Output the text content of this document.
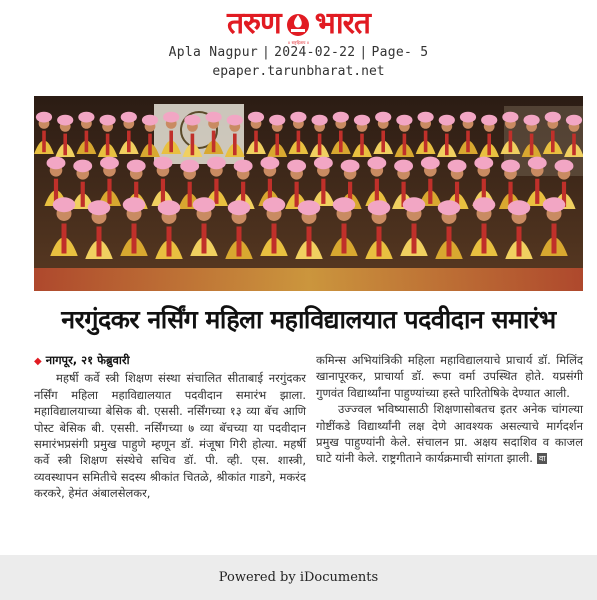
तरुण भारत
॥ राष्ट्रहिताय ॥
Apla Nagpur | 2024-02-22 | Page- 5
epaper.tarunbharat.net
नरगुंदकर नर्सिंग महिला महाविद्यालयात पदवीदान समारंभ
◆ नागपूर, २१ फेब्रुवारी
महर्षी कर्वे स्त्री शिक्षण संस्था संचालित सीताबाई नरगुंदकर नर्सिंग महिला महाविद्यालयात पदवीदान समारंभ झाला. महाविद्यालयाच्या बेसिक बी. एससी. नर्सिंगच्या १३ व्या बॅच आणि पोस्ट बेसिक बी. एससी. नर्सिंगच्या ७ व्या बॅचच्या या पदवीदान समारंभप्रसंगी प्रमुख पाहुणे म्हणून डॉ. मंजूषा गिरी होत्या. महर्षी कर्वे स्त्री शिक्षण संस्थेचे सचिव डॉ. पी. व्ही. एस. शास्त्री, व्यवस्थापन समितीचे सदस्य श्रीकांत चितळे, श्रीकांत गाडगे, मकरंद करकरे, हेमंत अंबालसेलकर,
कमिन्स अभियांत्रिकी महिला महाविद्यालयाचे प्राचार्य डॉ. मिलिंद खानापूरकर, प्राचार्या डॉ. रूपा वर्मा उपस्थित होते. यप्रसंगी गुणवंत विद्यार्थ्यांना पाहुण्यांच्या हस्ते पारितोषिके देण्यात आली.
उज्ज्वल भविष्यासाठी शिक्षणासोबतच इतर अनेक चांगल्या गोष्टींकडे विद्यार्थ्यांनी लक्ष देणे आवश्यक असल्याचे मार्गदर्शन प्रमुख पाहुण्यांनी केले. संचालन प्रा. अक्षय सदाशिव व काजल घाटे यांनी केले. राष्ट्रगीताने कार्यक्रमाची सांगता झाली. वा
Powered by iDocuments
